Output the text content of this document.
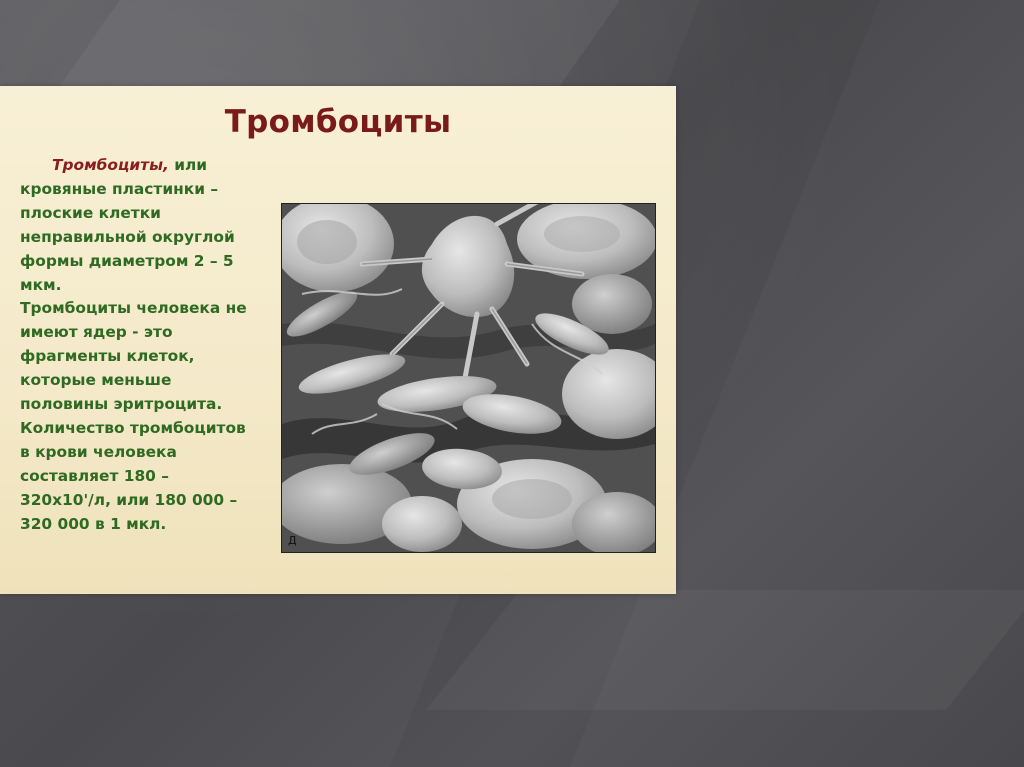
Тромбоциты
Тромбоциты, или
кровяные пластинки –
плоские клетки
неправильной округлой
формы диаметром 2 – 5
мкм.
Тромбоциты человека не
имеют ядер - это
фрагменты клеток,
которые меньше
половины эритроцита.
Количество тромбоцитов
в крови человека
составляет 180 –
320х10'/л, или 180 000 –
320 000 в 1 мкл.
Д
